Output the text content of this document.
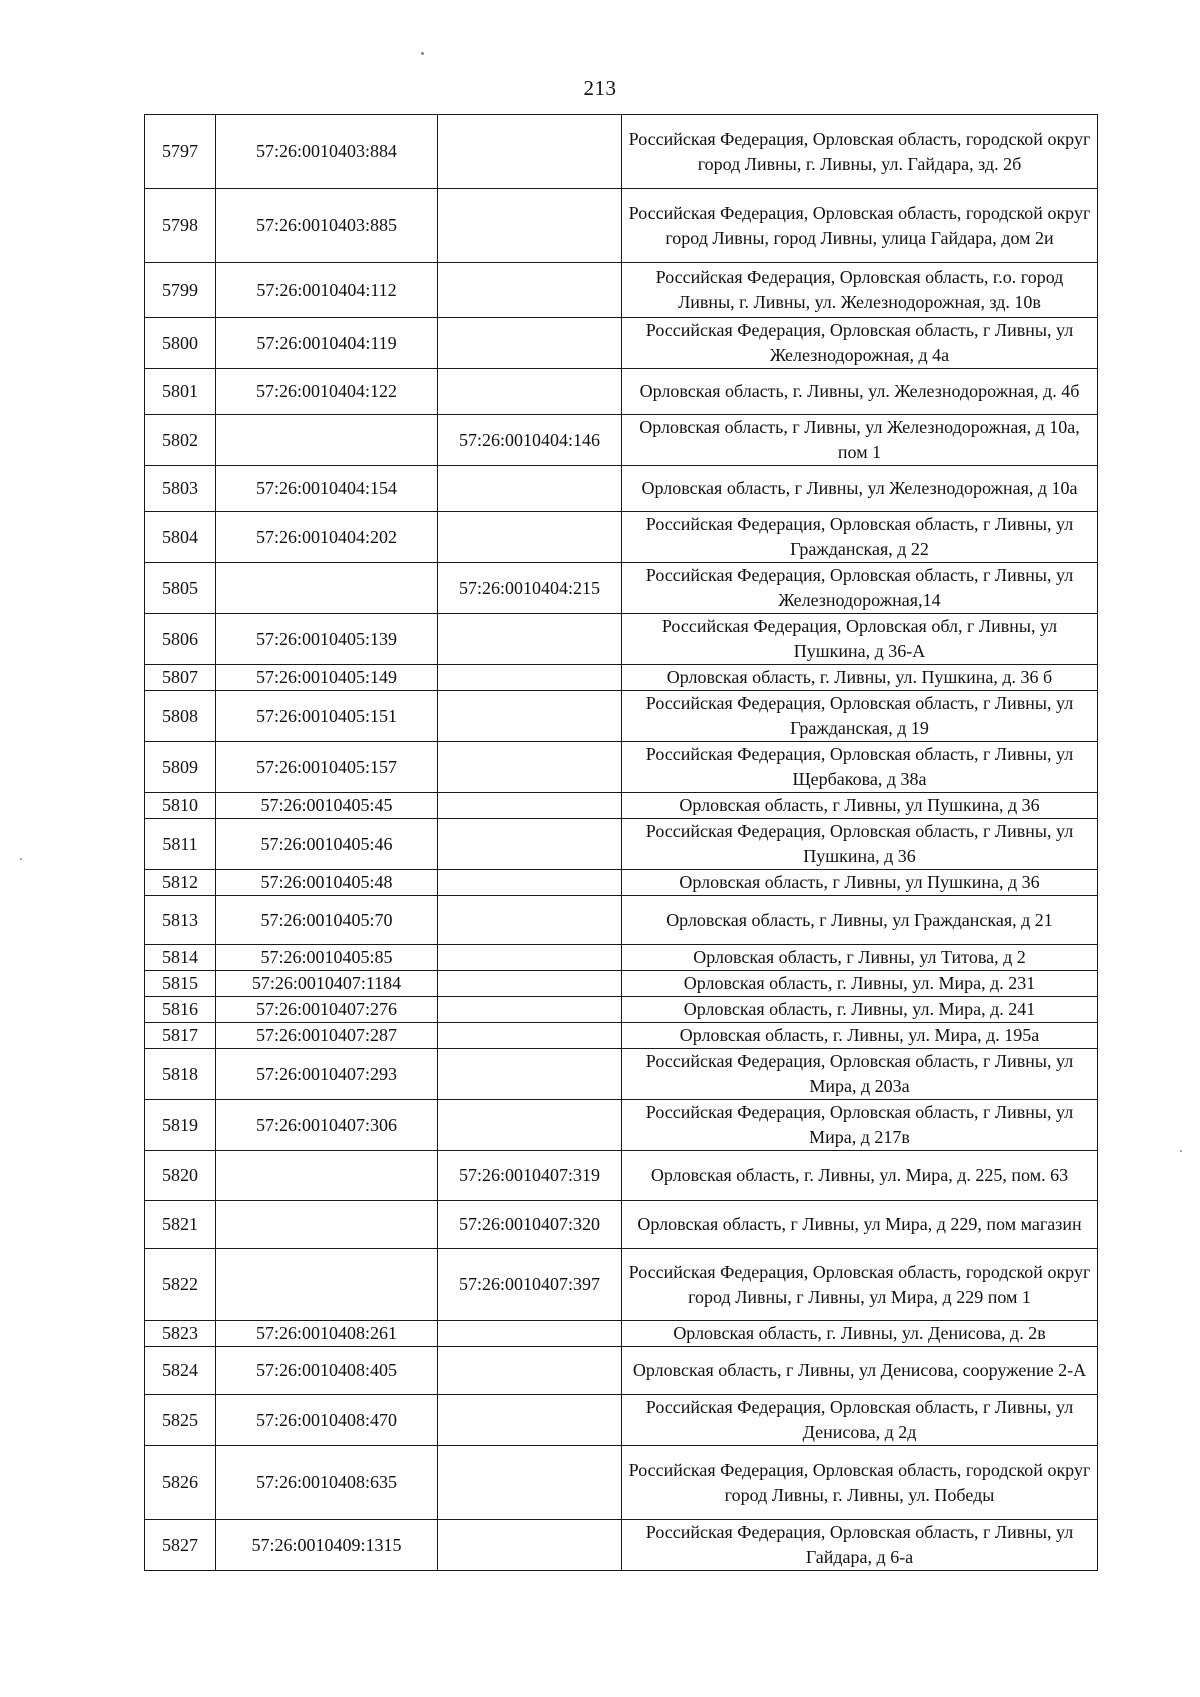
213
5797	57:26:0010403:884		Российская Федерация, Орловская область, городской округ город Ливны, г. Ливны, ул. Гайдара, зд. 2б
5798	57:26:0010403:885		Российская Федерация, Орловская область, городской округ город Ливны, город Ливны, улица Гайдара, дом 2и
5799	57:26:0010404:112		Российская Федерация, Орловская область, г.о. город Ливны, г. Ливны, ул. Железнодорожная, зд. 10в
5800	57:26:0010404:119		Российская Федерация, Орловская область, г Ливны, ул Железнодорожная, д 4а
5801	57:26:0010404:122		Орловская область, г. Ливны, ул. Железнодорожная, д. 4б
5802		57:26:0010404:146	Орловская область, г Ливны, ул Железнодорожная, д 10а, пом 1
5803	57:26:0010404:154		Орловская область, г Ливны, ул Железнодорожная, д 10а
5804	57:26:0010404:202		Российская Федерация, Орловская область, г Ливны, ул Гражданская, д 22
5805		57:26:0010404:215	Российская Федерация, Орловская область, г Ливны, ул Железнодорожная,14
5806	57:26:0010405:139		Российская Федерация, Орловская обл, г Ливны, ул Пушкина, д 36-А
5807	57:26:0010405:149		Орловская область, г. Ливны, ул. Пушкина, д. 36 б
5808	57:26:0010405:151		Российская Федерация, Орловская область, г Ливны, ул Гражданская, д 19
5809	57:26:0010405:157		Российская Федерация, Орловская область, г Ливны, ул Щербакова, д 38а
5810	57:26:0010405:45		Орловская область, г Ливны, ул Пушкина, д 36
5811	57:26:0010405:46		Российская Федерация, Орловская область, г Ливны, ул Пушкина, д 36
5812	57:26:0010405:48		Орловская область, г Ливны, ул Пушкина, д 36
5813	57:26:0010405:70		Орловская область, г Ливны, ул Гражданская, д 21
5814	57:26:0010405:85		Орловская область, г Ливны, ул Титова, д 2
5815	57:26:0010407:1184		Орловская область, г. Ливны, ул. Мира, д. 231
5816	57:26:0010407:276		Орловская область, г. Ливны, ул. Мира, д. 241
5817	57:26:0010407:287		Орловская область, г. Ливны, ул. Мира, д. 195а
5818	57:26:0010407:293		Российская Федерация, Орловская область, г Ливны, ул Мира, д 203а
5819	57:26:0010407:306		Российская Федерация, Орловская область, г Ливны, ул Мира, д 217в
5820		57:26:0010407:319	Орловская область, г. Ливны, ул. Мира, д. 225, пом. 63
5821		57:26:0010407:320	Орловская область, г Ливны, ул Мира, д 229, пом магазин
5822		57:26:0010407:397	Российская Федерация, Орловская область, городской округ город Ливны, г Ливны, ул Мира, д 229 пом 1
5823	57:26:0010408:261		Орловская область, г. Ливны, ул. Денисова, д. 2в
5824	57:26:0010408:405		Орловская область, г Ливны, ул Денисова, сооружение 2-А
5825	57:26:0010408:470		Российская Федерация, Орловская область, г Ливны, ул Денисова, д 2д
5826	57:26:0010408:635		Российская Федерация, Орловская область, городской округ город Ливны, г. Ливны, ул. Победы
5827	57:26:0010409:1315		Российская Федерация, Орловская область, г Ливны, ул Гайдара, д 6-а
